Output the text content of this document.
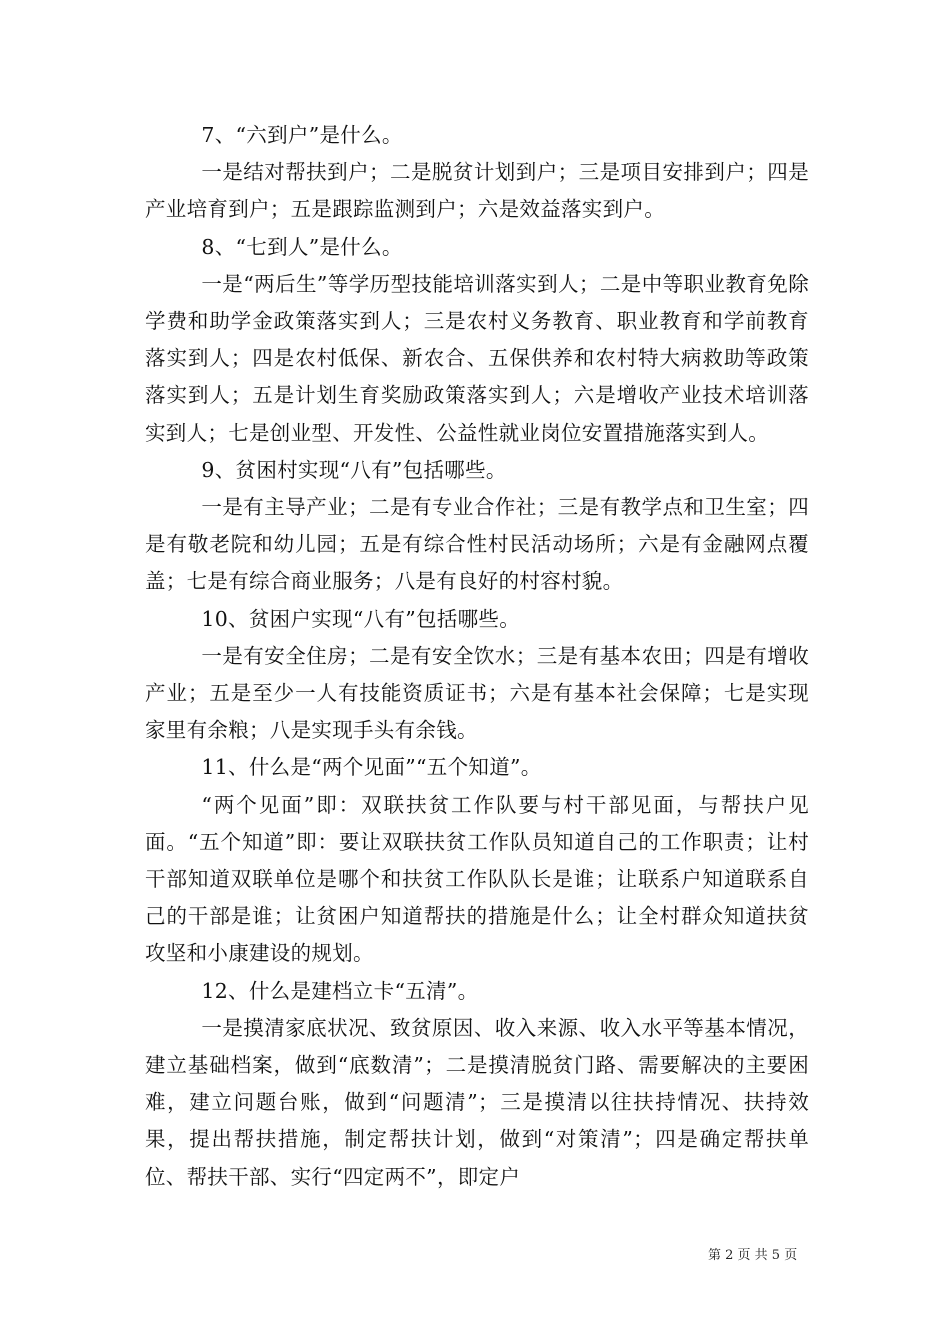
7、“六到户”是什么。

一是结对帮扶到户；二是脱贫计划到户；三是项目安排到户；四是产业培育到户；五是跟踪监测到户；六是效益落实到户。

8、“七到人”是什么。

一是“两后生”等学历型技能培训落实到人；二是中等职业教育免除学费和助学金政策落实到人；三是农村义务教育、职业教育和学前教育落实到人；四是农村低保、新农合、五保供养和农村特大病救助等政策落实到人；五是计划生育奖励政策落实到人；六是增收产业技术培训落实到人；七是创业型、开发性、公益性就业岗位安置措施落实到人。

9、贫困村实现“八有”包括哪些。

一是有主导产业；二是有专业合作社；三是有教学点和卫生室；四是有敬老院和幼儿园；五是有综合性村民活动场所；六是有金融网点覆盖；七是有综合商业服务；八是有良好的村容村貌。

10、贫困户实现“八有”包括哪些。

一是有安全住房；二是有安全饮水；三是有基本农田；四是有增收产业；五是至少一人有技能资质证书；六是有基本社会保障；七是实现家里有余粮；八是实现手头有余钱。

11、什么是“两个见面”“五个知道”。

“两个见面”即：双联扶贫工作队要与村干部见面，与帮扶户见面。“五个知道”即：要让双联扶贫工作队员知道自己的工作职责；让村干部知道双联单位是哪个和扶贫工作队队长是谁；让联系户知道联系自己的干部是谁；让贫困户知道帮扶的措施是什么；让全村群众知道扶贫攻坚和小康建设的规划。

12、什么是建档立卡“五清”。

一是摸清家底状况、致贫原因、收入来源、收入水平等基本情况，建立基础档案，做到“底数清”；二是摸清脱贫门路、需要解决的主要困难，建立问题台账，做到“问题清”；三是摸清以往扶持情况、扶持效果，提出帮扶措施，制定帮扶计划，做到“对策清”；四是确定帮扶单位、帮扶干部、实行“四定两不”，即定户

第 2 页 共 5 页
